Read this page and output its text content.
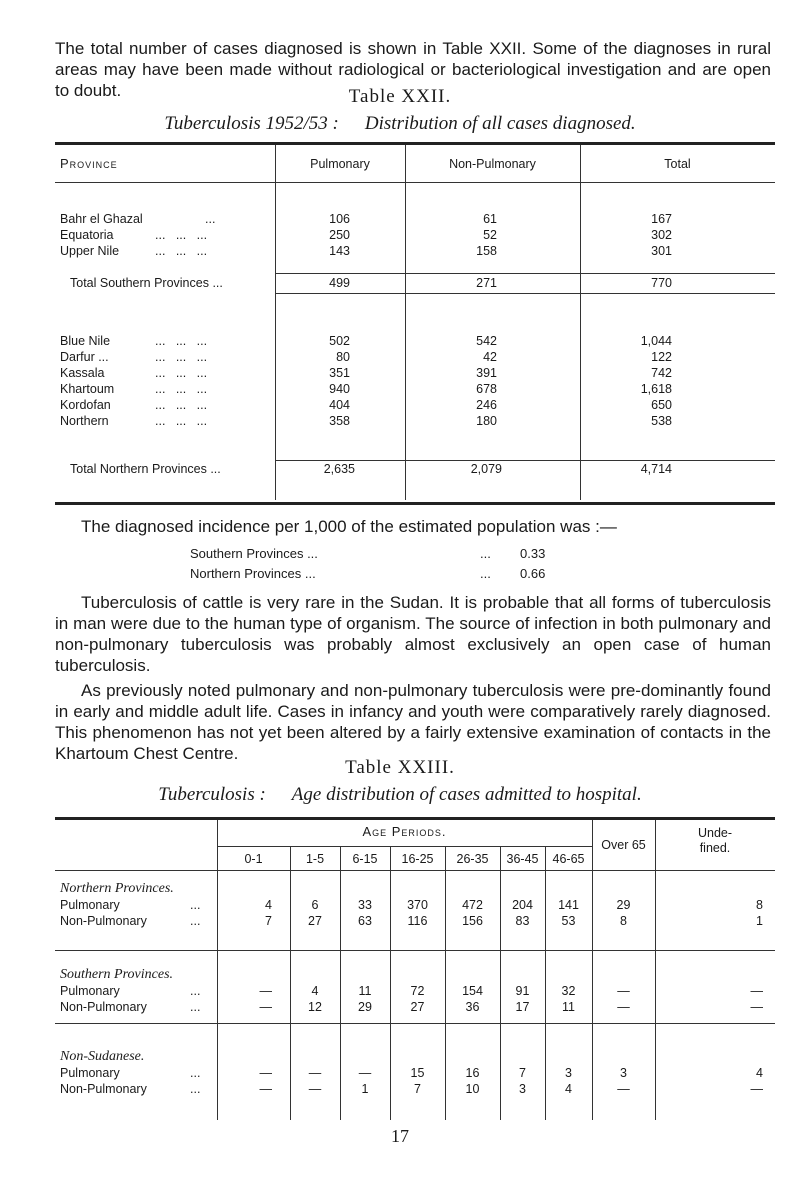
The total number of cases diagnosed is shown in Table XXII. Some of the diagnoses in rural areas may have been made without radiological or bacteriological investigation and are open to doubt.	Table XXII.
Tuberculosis 1952/53 : Distribution of all cases diagnosed.
Province	Pulmonary	Non-Pulmonary	Total
Bahr el Ghazal	...	106	61	167
Equatoria	...   ...   ...	250	52	302
Upper Nile	...   ...   ...	143	158	301
Total Southern Provinces ...	499	271	770
Blue Nile	...   ...   ...	502	542	1,044
Darfur ...	...   ...   ...	80	42	122
Kassala	...   ...   ...	351	391	742
Khartoum	...   ...   ...	940	678	1,618
Kordofan	...   ...   ...	404	246	650
Northern	...   ...   ...	358	180	538
Total Northern Provinces ...	2,635	2,079	4,714

The diagnosed incidence per 1,000 of the estimated population was :—

Southern Provinces ...	... 0.33
Northern Provinces ...	... 0.66

Tuberculosis of cattle is very rare in the Sudan. It is probable that all forms of tuberculosis in man were due to the human type of organism. The source of infection in both pulmonary and non-pulmonary tuberculosis was probably almost exclusively an open case of human tuberculosis.

As previously noted pulmonary and non-pulmonary tuberculosis were pre-dominantly found in early and middle adult life. Cases in infancy and youth were comparatively rarely diagnosed. This phenomenon has not yet been altered by a fairly extensive examination of contacts in the Khartoum Chest Centre.

Table XXIII.
Tuberculosis : Age distribution of cases admitted to hospital.
Age Periods.
0-1	1-5	6-15	16-25	26-35	36-45	46-65
Over 65
Unde-
fined.
Northern Provinces.
Pulmonary	...	4	6	33	370	472	204	141	29	8
Non-Pulmonary	...	7	27	63	116	156	83	53	8	1
Southern Provinces.
Pulmonary	...	—	4	11	72	154	91	32	—	—
Non-Pulmonary	...	—	12	29	27	36	17	11	—	—
Non-Sudanese.
Pulmonary	...	—	—	—	15	16	7	3	3	4
Non-Pulmonary	...	—	—	1	7	10	3	4	—	—
17
